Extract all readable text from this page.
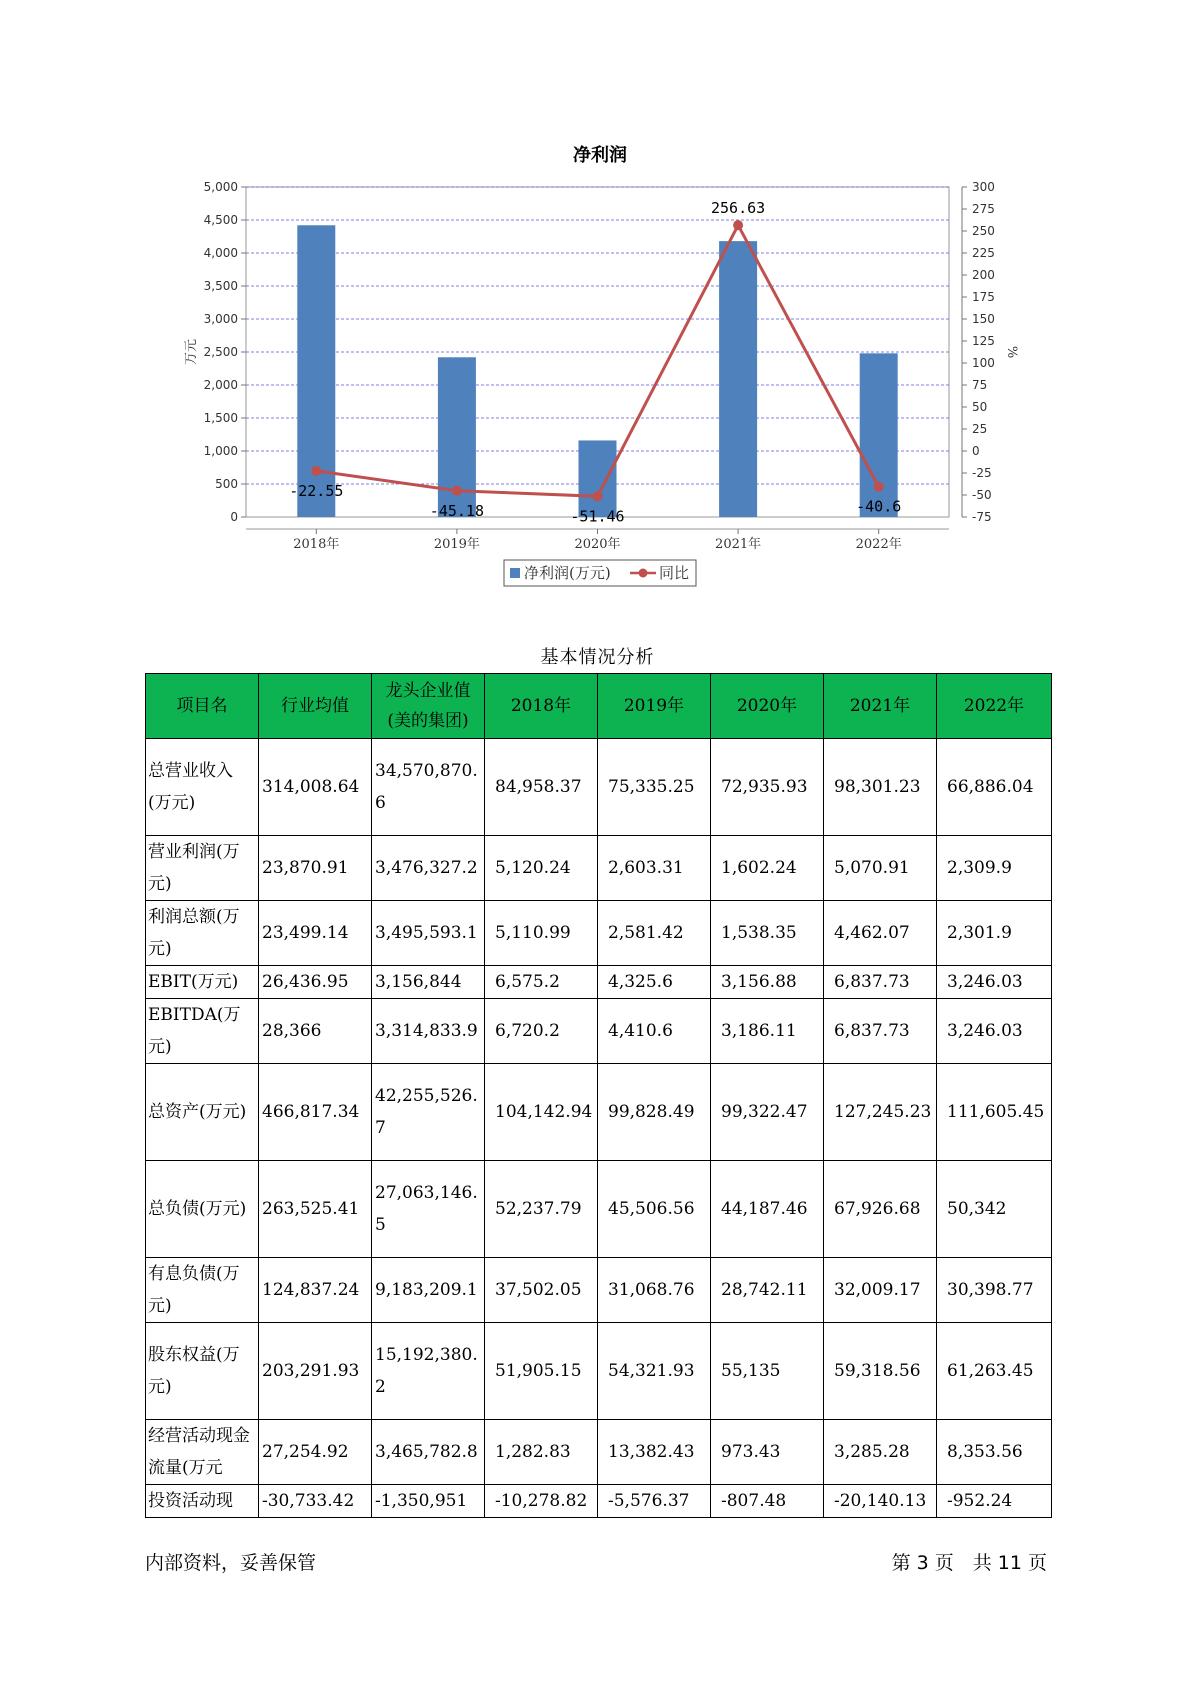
净利润
0
500
1,000
1,500
2,000
2,500
3,000
3,500
4,000
4,500
5,000
-75
-50
-25
0
25
50
75
100
125
150
175
200
225
250
275
300
万元	%
2018年	2019年	2020年	2021年	2022年
-22.55
-45.18	-51.46
256.63
-40.6
净利润(万元)	同比
基本情况分析
项目名	行业均值	龙头企业值(美的集团)	2018年	2019年	2020年	2021年	2022年
总营业收入(万元)	314,008.64	34,570,870.6	84,958.37	75,335.25	72,935.93	98,301.23	66,886.04
营业利润(万元)	23,870.91	3,476,327.2	5,120.24	2,603.31	1,602.24	5,070.91	2,309.9
利润总额(万元)	23,499.14	3,495,593.1	5,110.99	2,581.42	1,538.35	4,462.07	2,301.9
EBIT(万元)	26,436.95	3,156,844	6,575.2	4,325.6	3,156.88	6,837.73	3,246.03
EBITDA(万元)	28,366	3,314,833.9	6,720.2	4,410.6	3,186.11	6,837.73	3,246.03
总资产(万元)	466,817.34	42,255,526.7	104,142.94	99,828.49	99,322.47	127,245.23	111,605.45
总负债(万元)	263,525.41	27,063,146.5	52,237.79	45,506.56	44,187.46	67,926.68	50,342
有息负债(万元)	124,837.24	9,183,209.1	37,502.05	31,068.76	28,742.11	32,009.17	30,398.77
股东权益(万元)	203,291.93	15,192,380.2	51,905.15	54,321.93	55,135	59,318.56	61,263.45
经营活动现金流量(万元	27,254.92	3,465,782.8	1,282.83	13,382.43	973.43	3,285.28	8,353.56
投资活动现	-30,733.42	-1,350,951	-10,278.82	-5,576.37	-807.48	-20,140.13	-952.24
内部资料，妥善保管	第 3 页　共 11 页
